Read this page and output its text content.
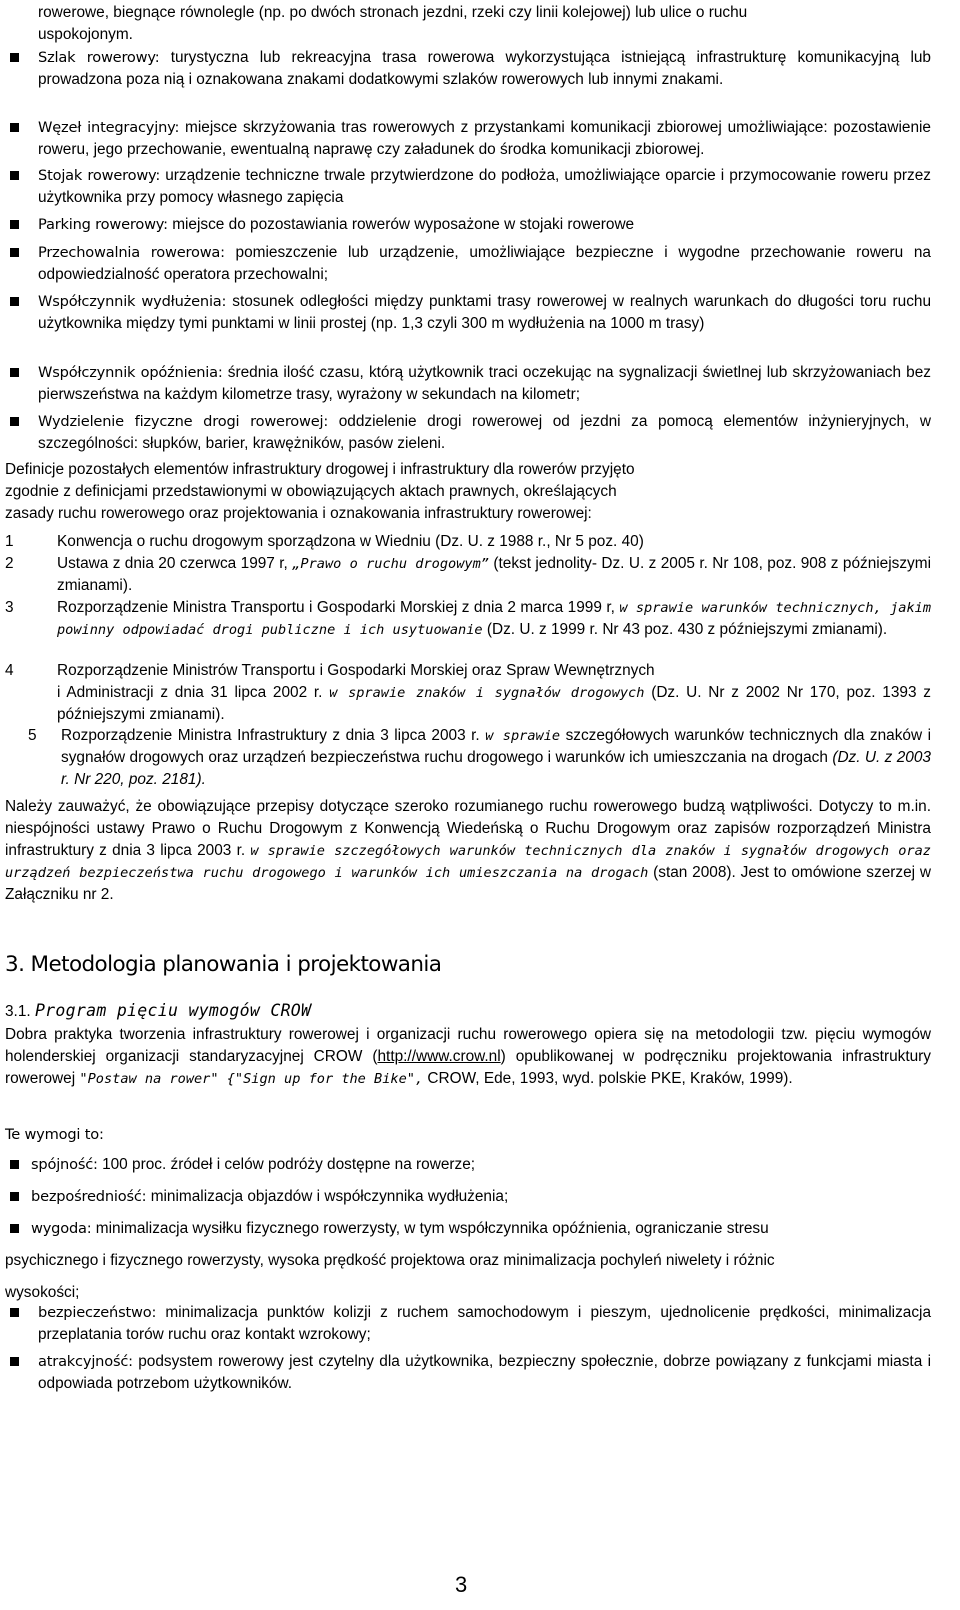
rowerowe, biegnące równolegle (np. po dwóch stronach jezdni, rzeki czy linii kolejowej) lub ulice o ruchu

uspokojonym.

Szlak rowerowy: turystyczna lub rekreacyjna trasa rowerowa wykorzystująca istniejącą infrastrukturę komunikacyjną lub prowadzona poza nią i oznakowana znakami dodatkowymi szlaków rowerowych lub innymi znakami.

Węzeł integracyjny: miejsce skrzyżowania tras rowerowych z przystankami komunikacji zbiorowej umożliwiające: pozostawienie roweru, jego przechowanie, ewentualną naprawę czy załadunek do środka komunikacji zbiorowej.

Stojak rowerowy: urządzenie techniczne trwale przytwierdzone do podłoża, umożliwiające oparcie i przymocowanie roweru przez użytkownika przy pomocy własnego zapięcia

Parking rowerowy: miejsce do pozostawiania rowerów wyposażone w stojaki rowerowe

Przechowalnia rowerowa: pomieszczenie lub urządzenie, umożliwiające bezpieczne i wygodne przechowanie roweru na odpowiedzialność operatora przechowalni;

Współczynnik wydłużenia: stosunek odległości między punktami trasy rowerowej w realnych warunkach do długości toru ruchu użytkownika między tymi punktami w linii prostej (np. 1,3 czyli 300 m wydłużenia na 1000 m trasy)

Współczynnik opóźnienia: średnia ilość czasu, którą użytkownik traci oczekując na sygnalizacji świetlnej lub skrzyżowaniach bez pierwszeństwa na każdym kilometrze trasy, wyrażony w sekundach na kilometr;

Wydzielenie fizyczne drogi rowerowej: oddzielenie drogi rowerowej od jezdni za pomocą elementów inżynieryjnych, w szczególności: słupków, barier, krawężników, pasów zieleni.

Definicje pozostałych elementów infrastruktury drogowej i infrastruktury dla rowerów przyjęto

zgodnie z definicjami przedstawionymi w obowiązujących aktach prawnych, określających

zasady ruchu rowerowego oraz projektowania i oznakowania infrastruktury rowerowej:

1	Konwencja o ruchu drogowym sporządzona w Wiedniu (Dz. U. z 1988 r., Nr 5 poz. 40)

2	Ustawa z dnia 20 czerwca 1997 r, „Prawo o ruchu drogowym” (tekst jednolity- Dz. U. z 2005 r. Nr 108, poz. 908 z późniejszymi zmianami).

3	Rozporządzenie Ministra Transportu i Gospodarki Morskiej z dnia 2 marca 1999 r, w sprawie warunków technicznych, jakim powinny odpowiadać drogi publiczne i ich usytuowanie (Dz. U. z 1999 r. Nr 43 poz. 430 z późniejszymi zmianami).

4	Rozporządzenie Ministrów Transportu i Gospodarki Morskiej oraz Spraw Wewnętrznych

i Administracji z dnia 31 lipca 2002 r. w sprawie znaków i sygnałów drogowych (Dz. U. Nr z 2002 Nr 170, poz. 1393 z późniejszymi zmianami).

5 Rozporządzenie Ministra Infrastruktury z dnia 3 lipca 2003 r. w sprawie szczegółowych warunków technicznych dla znaków i sygnałów drogowych oraz urządzeń bezpieczeństwa ruchu drogowego i warunków ich umieszczania na drogach (Dz. U. z 2003 r. Nr 220, poz. 2181).

Należy zauważyć, że obowiązujące przepisy dotyczące szeroko rozumianego ruchu rowerowego budzą wątpliwości. Dotyczy to m.in. niespójności ustawy Prawo o Ruchu Drogowym z Konwencją Wiedeńską o Ruchu Drogowym oraz zapisów rozporządzeń Ministra infrastruktury z dnia 3 lipca 2003 r. w sprawie szczegółowych warunków technicznych dla znaków i sygnałów drogowych oraz urządzeń bezpieczeństwa ruchu drogowego i warunków ich umieszczania na drogach (stan 2008). Jest to omówione szerzej w Załączniku nr 2.

3. Metodologia planowania i projektowania

3.1. Program pięciu wymogów CROW

Dobra praktyka tworzenia infrastruktury rowerowej i organizacji ruchu rowerowego opiera się na metodologii tzw. pięciu wymogów holenderskiej organizacji standaryzacyjnej CROW (http://www.crow.nl) opublikowanej w podręczniku projektowania infrastruktury rowerowej "Postaw na rower" {"Sign up for the Bike", CROW, Ede, 1993, wyd. polskie PKE, Kraków, 1999).

Te wymogi to:

spójność: 100 proc. źródeł i celów podróży dostępne na rowerze;

bezpośredniość: minimalizacja objazdów i współczynnika wydłużenia;

wygoda: minimalizacja wysiłku fizycznego rowerzysty, w tym współczynnika opóźnienia, ograniczanie stresu

psychicznego i fizycznego rowerzysty, wysoka prędkość projektowa oraz minimalizacja pochyleń niwelety i różnic

wysokości;

bezpieczeństwo: minimalizacja punktów kolizji z ruchem samochodowym i pieszym, ujednolicenie prędkości, minimalizacja przeplatania torów ruchu oraz kontakt wzrokowy;

atrakcyjność: podsystem rowerowy jest czytelny dla użytkownika, bezpieczny społecznie, dobrze powiązany z funkcjami miasta i odpowiada potrzebom użytkowników.

3
